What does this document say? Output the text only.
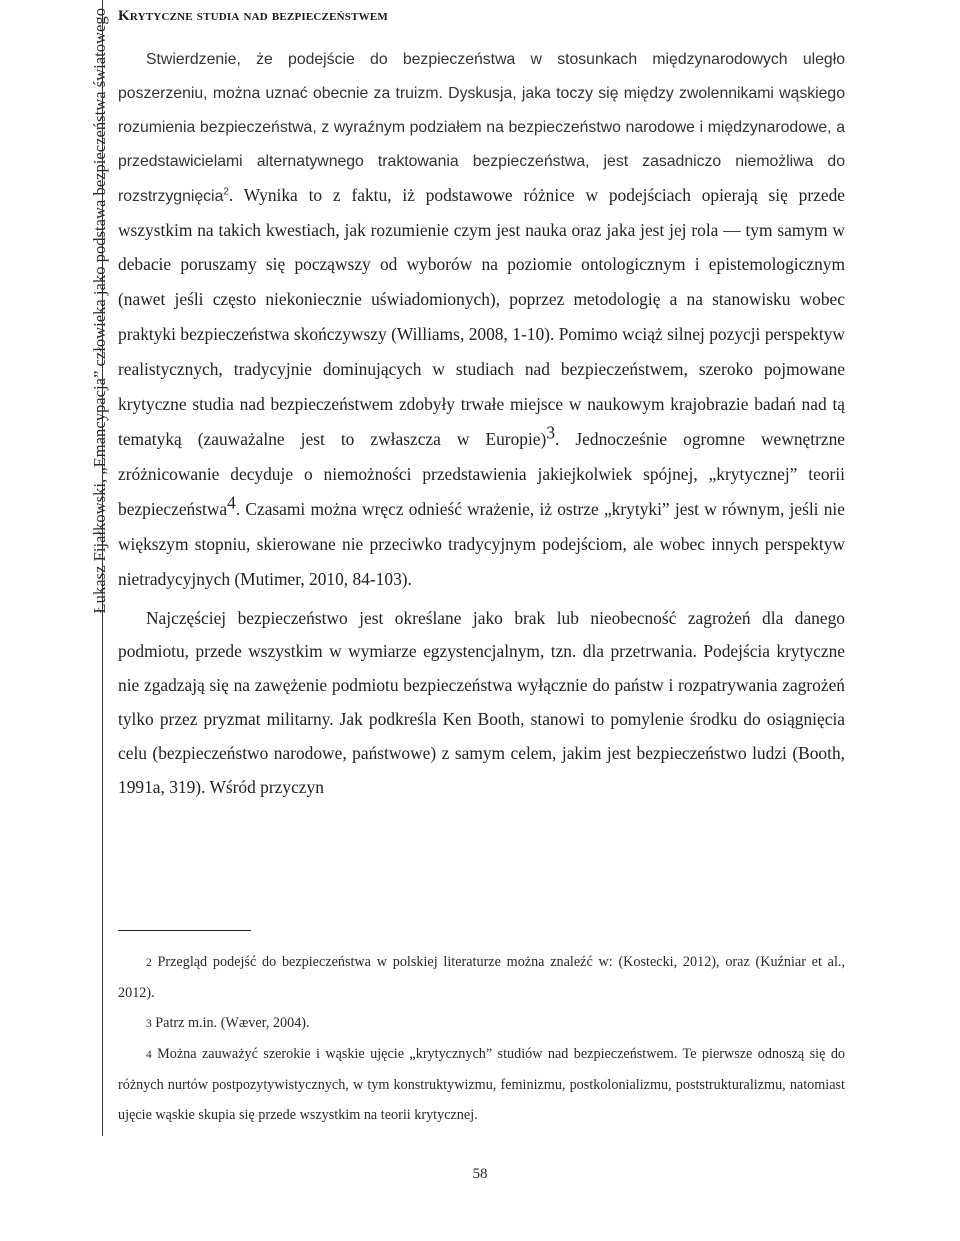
Łukasz Fijałkowski, „Emancypacja” człowieka jako podstawa bezpieczeństwa światowego Krytyczne studia nad bezpieczeństwem

Stwierdzenie, że podejście do bezpieczeństwa w stosunkach międzynarodowych uległo poszerzeniu, można uznać obecnie za truizm. Dyskusja, jaka toczy się między zwolennikami wąskiego rozumienia bezpieczeństwa, z wyraźnym podziałem na bezpieczeństwo narodowe i międzynarodowe, a przedstawicielami alternatywnego traktowania bezpieczeństwa, jest zasadniczo niemożliwa do rozstrzygnięcia$^2$. Wynika to z faktu, iż podstawowe różnice w podejściach opierają się przede wszystkim na takich kwestiach, jak rozumienie czym jest nauka oraz jaka jest jej rola — tym samym w debacie poruszamy się począwszy od wyborów na poziomie ontologicznym i epistemologicznym (nawet jeśli często niekoniecznie uświadomionych), poprzez metodologię a na stanowisku wobec praktyki bezpieczeństwa skończywszy (Williams, 2008, 1-10). Pomimo wciąż silnej pozycji perspektyw realistycznych, tradycyjnie dominujących w studiach nad bezpieczeństwem, szeroko pojmowane krytyczne studia nad bezpieczeństwem zdobyły trwałe miejsce w naukowym krajobrazie badań nad tą tematyką (zauważalne jest to zwłaszcza w Europie)$^3$. Jednocześnie ogromne wewnętrzne zróżnicowanie decyduje o niemożności przedstawienia jakiejkolwiek spójnej, „krytycznej” teorii bezpieczeństwa$^4$. Czasami można wręcz odnieść wrażenie, iż ostrze „krytyki” jest w równym, jeśli nie większym stopniu, skierowane nie przeciwko tradycyjnym podejściom, ale wobec innych perspektyw nietradycyjnych (Mutimer, 2010, 84-103).

Najczęściej bezpieczeństwo jest określane jako brak lub nieobecność zagrożeń dla danego podmiotu, przede wszystkim w wymiarze egzystencjalnym, tzn. dla przetrwania. Podejścia krytyczne nie zgadzają się na zawężenie podmiotu bezpieczeństwa wyłącznie do państw i rozpatrywania zagrożeń tylko przez pryzmat militarny. Jak podkreśla Ken Booth, stanowi to pomylenie środku do osiągnięcia celu (bezpieczeństwo narodowe, państwowe) z samym celem, jakim jest bezpieczeństwo ludzi (Booth, 1991a, 319). Wśród przyczyn

2 Przegląd podejść do bezpieczeństwa w polskiej literaturze można znaleźć w: (Kostecki, 2012), oraz (Kuźniar et al., 2012).

3 Patrz m.in. (Wæver, 2004).

4 Można zauważyć szerokie i wąskie ujęcie „krytycznych” studiów nad bezpieczeństwem. Te pierwsze odnoszą się do różnych nurtów postpozytywistycznych, w tym konstruktywizmu, feminizmu, postkolonializmu, poststrukturalizmu, natomiast ujęcie wąskie skupia się przede wszystkim na teorii krytycznej.

58
